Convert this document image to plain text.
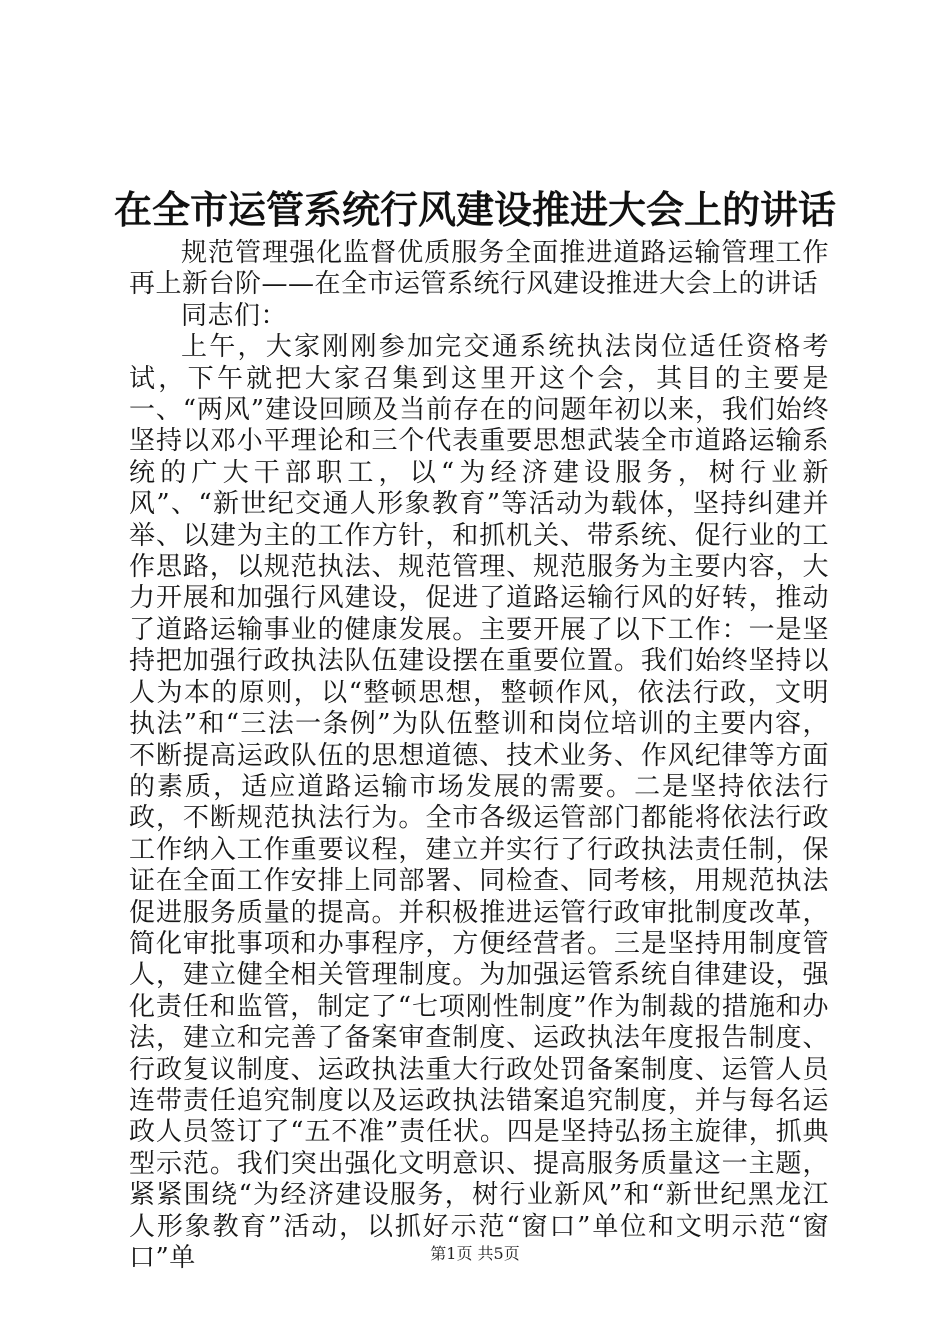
在全市运管系统行风建设推进大会上的讲话

规范管理强化监督优质服务全面推进道路运输管理工作再上新台阶——在全市运管系统行风建设推进大会上的讲话

同志们：

上午，大家刚刚参加完交通系统执法岗位适任资格考试，下午就把大家召集到这里开这个会，其目的主要是一、“两风”建设回顾及当前存在的问题年初以来，我们始终坚持以邓小平理论和三个代表重要思想武装全市道路运输系统的广大干部职工，以“为经济建设服务，树行业新风”、“新世纪交通人形象教育”等活动为载体，坚持纠建并举、以建为主的工作方针，和抓机关、带系统、促行业的工作思路，以规范执法、规范管理、规范服务为主要内容，大力开展和加强行风建设，促进了道路运输行风的好转，推动了道路运输事业的健康发展。主要开展了以下工作：一是坚持把加强行政执法队伍建设摆在重要位置。我们始终坚持以人为本的原则，以“整顿思想，整顿作风，依法行政，文明执法”和“三法一条例”为队伍整训和岗位培训的主要内容，不断提高运政队伍的思想道德、技术业务、作风纪律等方面的素质，适应道路运输市场发展的需要。二是坚持依法行政，不断规范执法行为。全市各级运管部门都能将依法行政工作纳入工作重要议程，建立并实行了行政执法责任制，保证在全面工作安排上同部署、同检查、同考核，用规范执法促进服务质量的提高。并积极推进运管行政审批制度改革，简化审批事项和办事程序，方便经营者。三是坚持用制度管人，建立健全相关管理制度。为加强运管系统自律建设，强化责任和监管，制定了“七项刚性制度”作为制裁的措施和办法，建立和完善了备案审查制度、运政执法年度报告制度、行政复议制度、运政执法重大行政处罚备案制度、运管人员连带责任追究制度以及运政执法错案追究制度，并与每名运政人员签订了“五不准”责任状。四是坚持弘扬主旋律，抓典型示范。我们突出强化文明意识、提高服务质量这一主题，紧紧围绕“为经济建设服务，树行业新风”和“新世纪黑龙江人形象教育”活动，以抓好示范“窗口”单位和文明示范“窗口”单	第1页 共5页
